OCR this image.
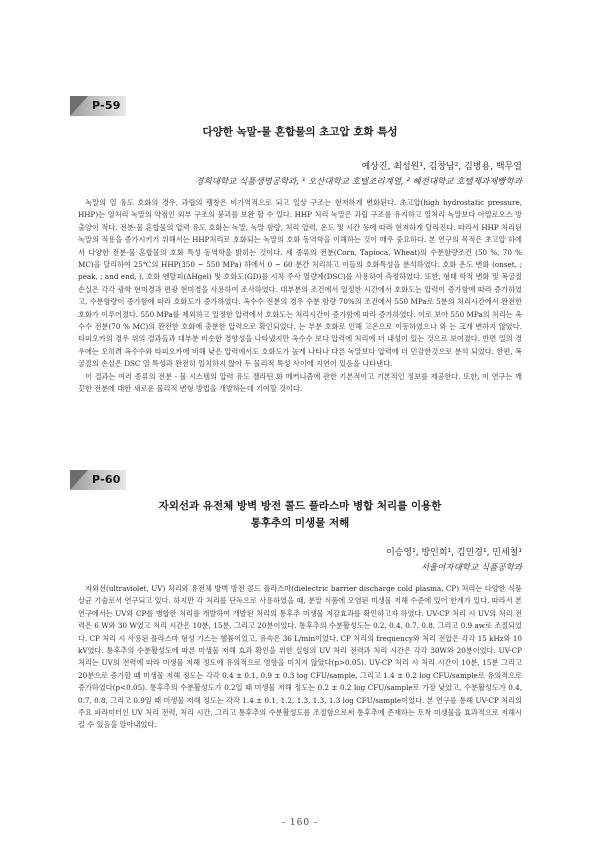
P-59
다양한 녹말-물 혼합물의 초고압 호화 특성
예상진, 최성원¹, 김창남², 김병용, 백무열
경희대학교 식품생명공학과, ¹ 오산대학교 호텔조리계열, ² 혜전대학교 호텔제과제빵학과

녹말의 열 유도 호화의 경우, 과립의 팽창은 비가역적으로 되고 일상 구조는 현저하게 변화된다. 초고압(high hydrostatic pressure, HHP)는 열처리 녹말의 약점인 외부 구조의 붕괴를 보완 할 수 있다. HHP 처리 녹말은 과립 구조를 유지하고 열처리 녹말보다 아밀로오스 방출양이 적다. 전분-물 혼합물의 압력 유도 호화는 녹말, 녹말 함량, 처리 압력, 온도 및 시간 등에 따라 현저하게 달라진다. 따라서 HHP 처리된 녹말의 적용을 증가시키기 위해서는 HHP처리로 호화되는 녹말의 호화 동역학을 이해하는 것이 매우 중요하다. 본 연구의 목적은 초고압 하에서 다양한 전분-물 혼합물의 호화 특성 동역학을 밝히는 것이다. 세 종류의 전분(Corn, Tapioca, Wheat)의 수분함량조건 (50 %, 70 % MC)을 달리하여 25℃의 HHP(350 ~ 550 MPa) 하에서 0 ~ 60 분간 처리하고 이들의 호화특성을 분석하였다. 호화 온도 변화 (onset, ; peak, ; and end, ), 호화 엔탈피(ΔHgel) 및 호화도(GD)를 시차 주사 열량계(DSC)를 사용하여 측정하였다. 또한, 형태 학적 변화 및 복굴절 손실은 각각 광학 현미경과 편광 현미경을 사용하여 조사하였다. 대부분의 조건에서 일정한 시간에서 호화도는 압력이 증가함에 따라 증가하였고, 수분함량이 증가함에 따라 호화도가 증가하였다. 옥수수 전분의 경우 수분 함량 70%의 조건에서 550 MPa로 5분의 처리시간에서 완전한 호화가 이루어졌다. 550 MPa를 제외하고 일정한 압력에서 호화도는 처리시간이 증가함에 따라 증가하였다. 이로 보아 550 MPa의 처리는 옥수수 전분(70 % MC)의 완전한 호화에 충분한 압력으로 확인되었다. 는 부분 호화로 인해 고온으로 이동하였으나 와 는 크게 변하지 않았다. 타피오카의 경우 위의 결과들과 대부분 비슷한 경향성을 나타냈지만 옥수수 보다 압력에 처리에 더 내성이 있는 것으로 보여졌다. 반면 밀의 경우에는 오히려 옥수수와 타피오카에 비해 낮은 압력에서도 호화도가 높게 나타나 다른 녹말보다 압력에 더 민감한것으로 분석 되었다. 한편, 복굴절의 손실은 DSC 열 특성과 완전히 일치하지 않아 두 물리적 특성 사이에 지연이 있음을 나타낸다.

이 결과는 여러 종류의 전분 - 물 시스템의 압력 유도 젤라틴 화 메커니즘에 관한 기본적이고 기본적인 정보를 제공한다. 또한, 이 연구는 깨끗한 전분에 대한 새로운 물리적 변형 방법을 개발하는데 기여할 것이다.

P-60
자외선과 유전체 방벽 방전 콜드 플라스마 병합 처리를 이용한
통후추의 미생물 저해
이승영¹, 방인희¹, 김민경¹, 민세철¹
서울여자대학교 식품공학과

자외선(ultraviolet, UV) 처리와 유전체 방벽 방전 콜드 플라스마(dielectric barrier discharge cold plasma, CP) 처리는 다양한 식품 살균 기술로서 연구되고 있다. 하지만 각 처리를 단독으로 사용하였을 때, 분말 식품에 오염된 미생물 저해 수준에 있어 한계가 있다. 따라서 본 연구에서는 UV와 CP를 병합한 처리를 개발하여 개발된 처리의 통후추 미생물 저감효과를 확인하고자 하였다. UV-CP 처리 시 UV의 처리 전력은 6 W와 30 W였고 처리 시간은 10분, 15분, 그리고 20분이었다. 통후추의 수분활성도는 0.2, 0.4, 0.7, 0.8, 그리고 0.9 aw로 조절되었다. CP 처리 시 사용된 플라스마 형성 가스는 헬륨이었고, 유속은 36 L/min이었다. CP 처리의 frequency와 처리 전압은 각각 15 kHz와 10 kV였다. 통후추의 수분활성도에 따른 미생물 저해 효과 확인을 위한 실험의 UV 처리 전력과 처리 시간은 각각 30W와 20분이었다. UV-CP 처리는 UV의 전력에 따라 미생물 저해 정도에 유의적으로 영향을 미치지 않았다(p>0.05). UV-CP 처리 시 처리 시간이 10분, 15분 그리고 20분으로 증가할 때 미생물 저해 정도는 각각 0.4 ± 0.1, 0.9 ± 0.3 log CFU/sample, 그리고 1.4 ± 0.2 log CFU/sample로 유의적으로 증가하였다(p<0.05). 통후추의 수분활성도가 0.2일 때 미생물 저해 정도는 0.2 ± 0.2 log CFU/sample로 가장 낮았고, 수분활성도가 0.4, 0.7, 0.8, 그리고 0.9일 때 미생물 저해 정도는 각각 1.4 ± 0.1, 1.2, 1.3, 1.3, 1.3 log CFU/sample이었다. 본 연구를 통해 UV-CP 처리의 주요 파라미터인 UV 처리 전력, 처리 시간, 그리고 통후추의 수분활성도를 조절함으로써 통후추에 존재하는 토착 미생물을 효과적으로 저해시킬 수 있음을 알아내었다.

- 160 -
